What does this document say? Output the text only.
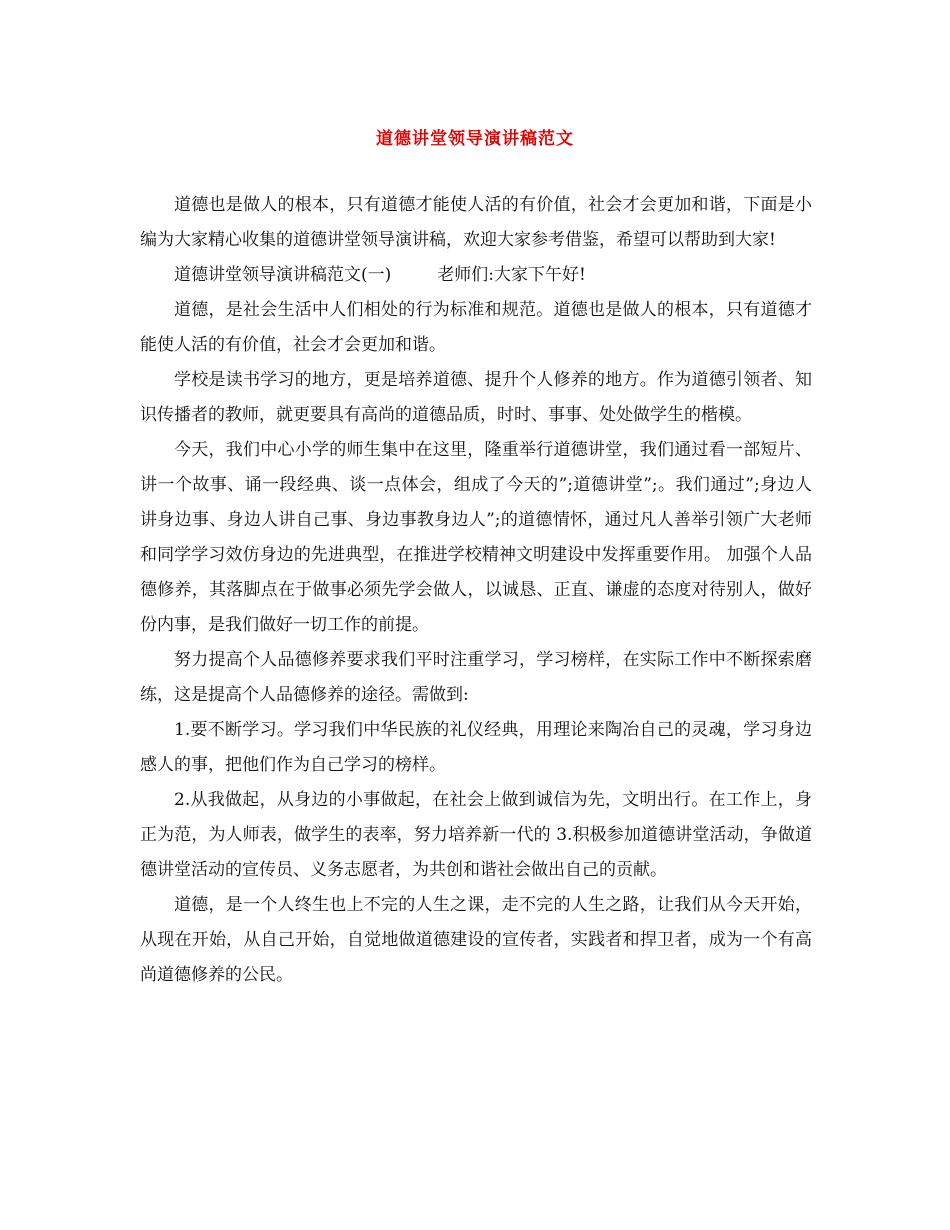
道德讲堂领导演讲稿范文

道德也是做人的根本，只有道德才能使人活的有价值，社会才会更加和谐，下面是小编为大家精心收集的道德讲堂领导演讲稿，欢迎大家参考借鉴，希望可以帮助到大家!

道德讲堂领导演讲稿范文(一)	老师们:大家下午好!

道德，是社会生活中人们相处的行为标准和规范。道德也是做人的根本，只有道德才能使人活的有价值，社会才会更加和谐。

学校是读书学习的地方，更是培养道德、提升个人修养的地方。作为道德引领者、知识传播者的教师，就更要具有高尚的道德品质，时时、事事、处处做学生的楷模。

今天，我们中心小学的师生集中在这里，隆重举行道德讲堂，我们通过看一部短片、讲一个故事、诵一段经典、谈一点体会，组成了今天的”;道德讲堂”;。我们通过”;身边人讲身边事、身边人讲自己事、身边事教身边人”;的道德情怀，通过凡人善举引领广大老师和同学学习效仿身边的先进典型，在推进学校精神文明建设中发挥重要作用。 加强个人品德修养，其落脚点在于做事必须先学会做人，以诚恳、正直、谦虚的态度对待别人，做好份内事，是我们做好一切工作的前提。

努力提高个人品德修养要求我们平时注重学习，学习榜样，在实际工作中不断探索磨练，这是提高个人品德修养的途径。需做到:

1.要不断学习。学习我们中华民族的礼仪经典，用理论来陶冶自己的灵魂，学习身边感人的事，把他们作为自己学习的榜样。

2.从我做起，从身边的小事做起，在社会上做到诚信为先，文明出行。在工作上，身正为范，为人师表，做学生的表率，努力培养新一代的 3.积极参加道德讲堂活动，争做道德讲堂活动的宣传员、义务志愿者，为共创和谐社会做出自己的贡献。

道德，是一个人终生也上不完的人生之课，走不完的人生之路，让我们从今天开始，从现在开始，从自己开始，自觉地做道德建设的宣传者，实践者和捍卫者，成为一个有高尚道德修养的公民。
